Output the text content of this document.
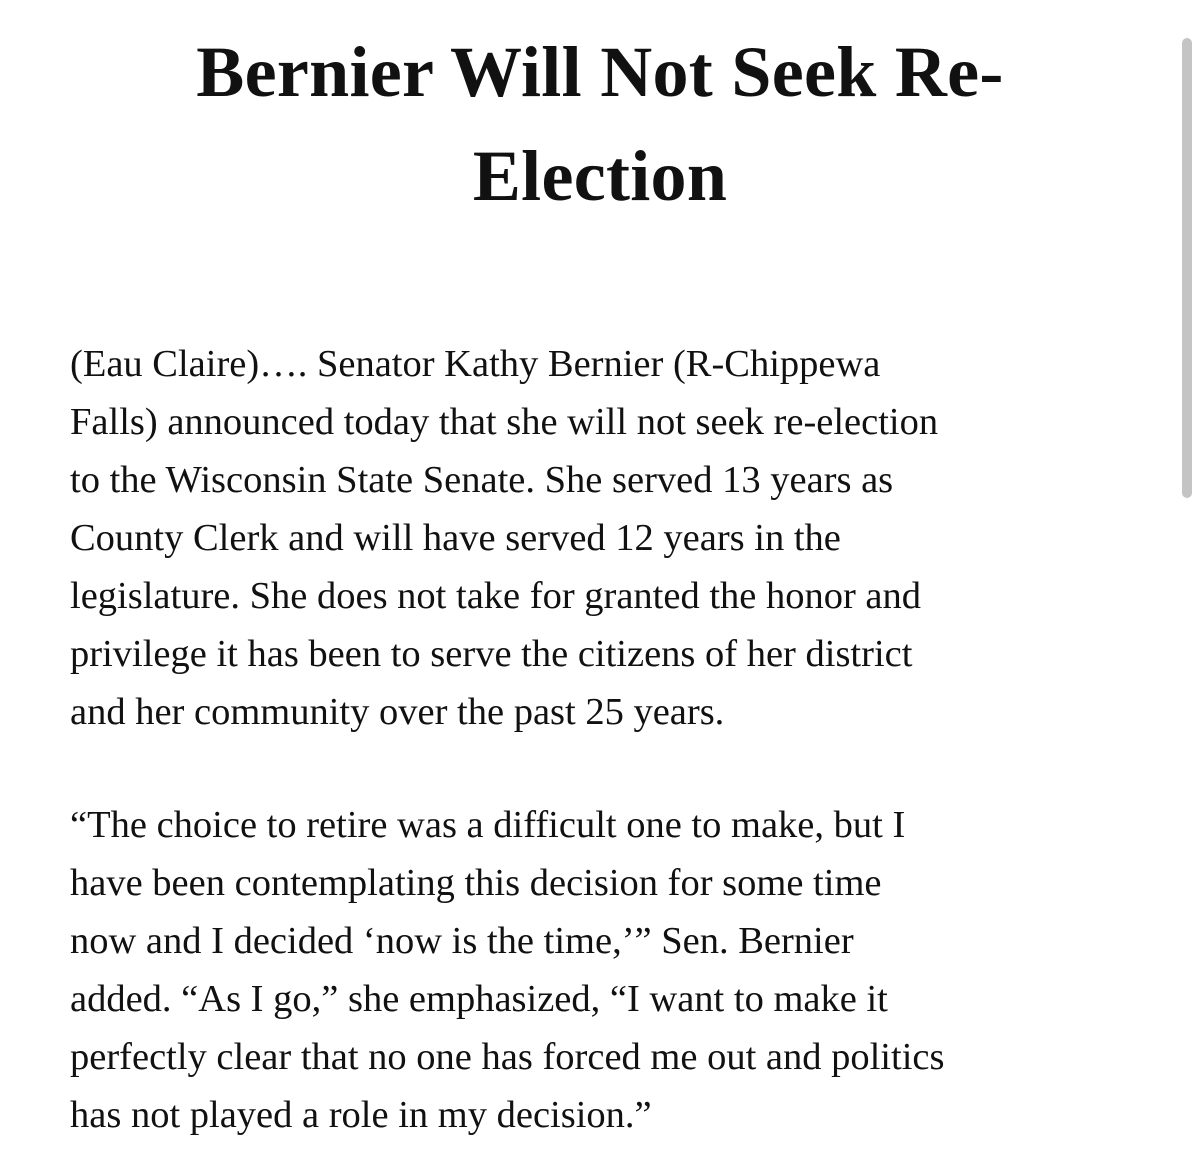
Bernier Will Not Seek Re-
Election

(Eau Claire)…. Senator Kathy Bernier (R-Chippewa
Falls) announced today that she will not seek re-election
to the Wisconsin State Senate. She served 13 years as
County Clerk and will have served 12 years in the
legislature. She does not take for granted the honor and
privilege it has been to serve the citizens of her district
and her community over the past 25 years.

“The choice to retire was a difficult one to make, but I
have been contemplating this decision for some time
now and I decided ‘now is the time,’” Sen. Bernier
added. “As I go,” she emphasized, “I want to make it
perfectly clear that no one has forced me out and politics
has not played a role in my decision.”
